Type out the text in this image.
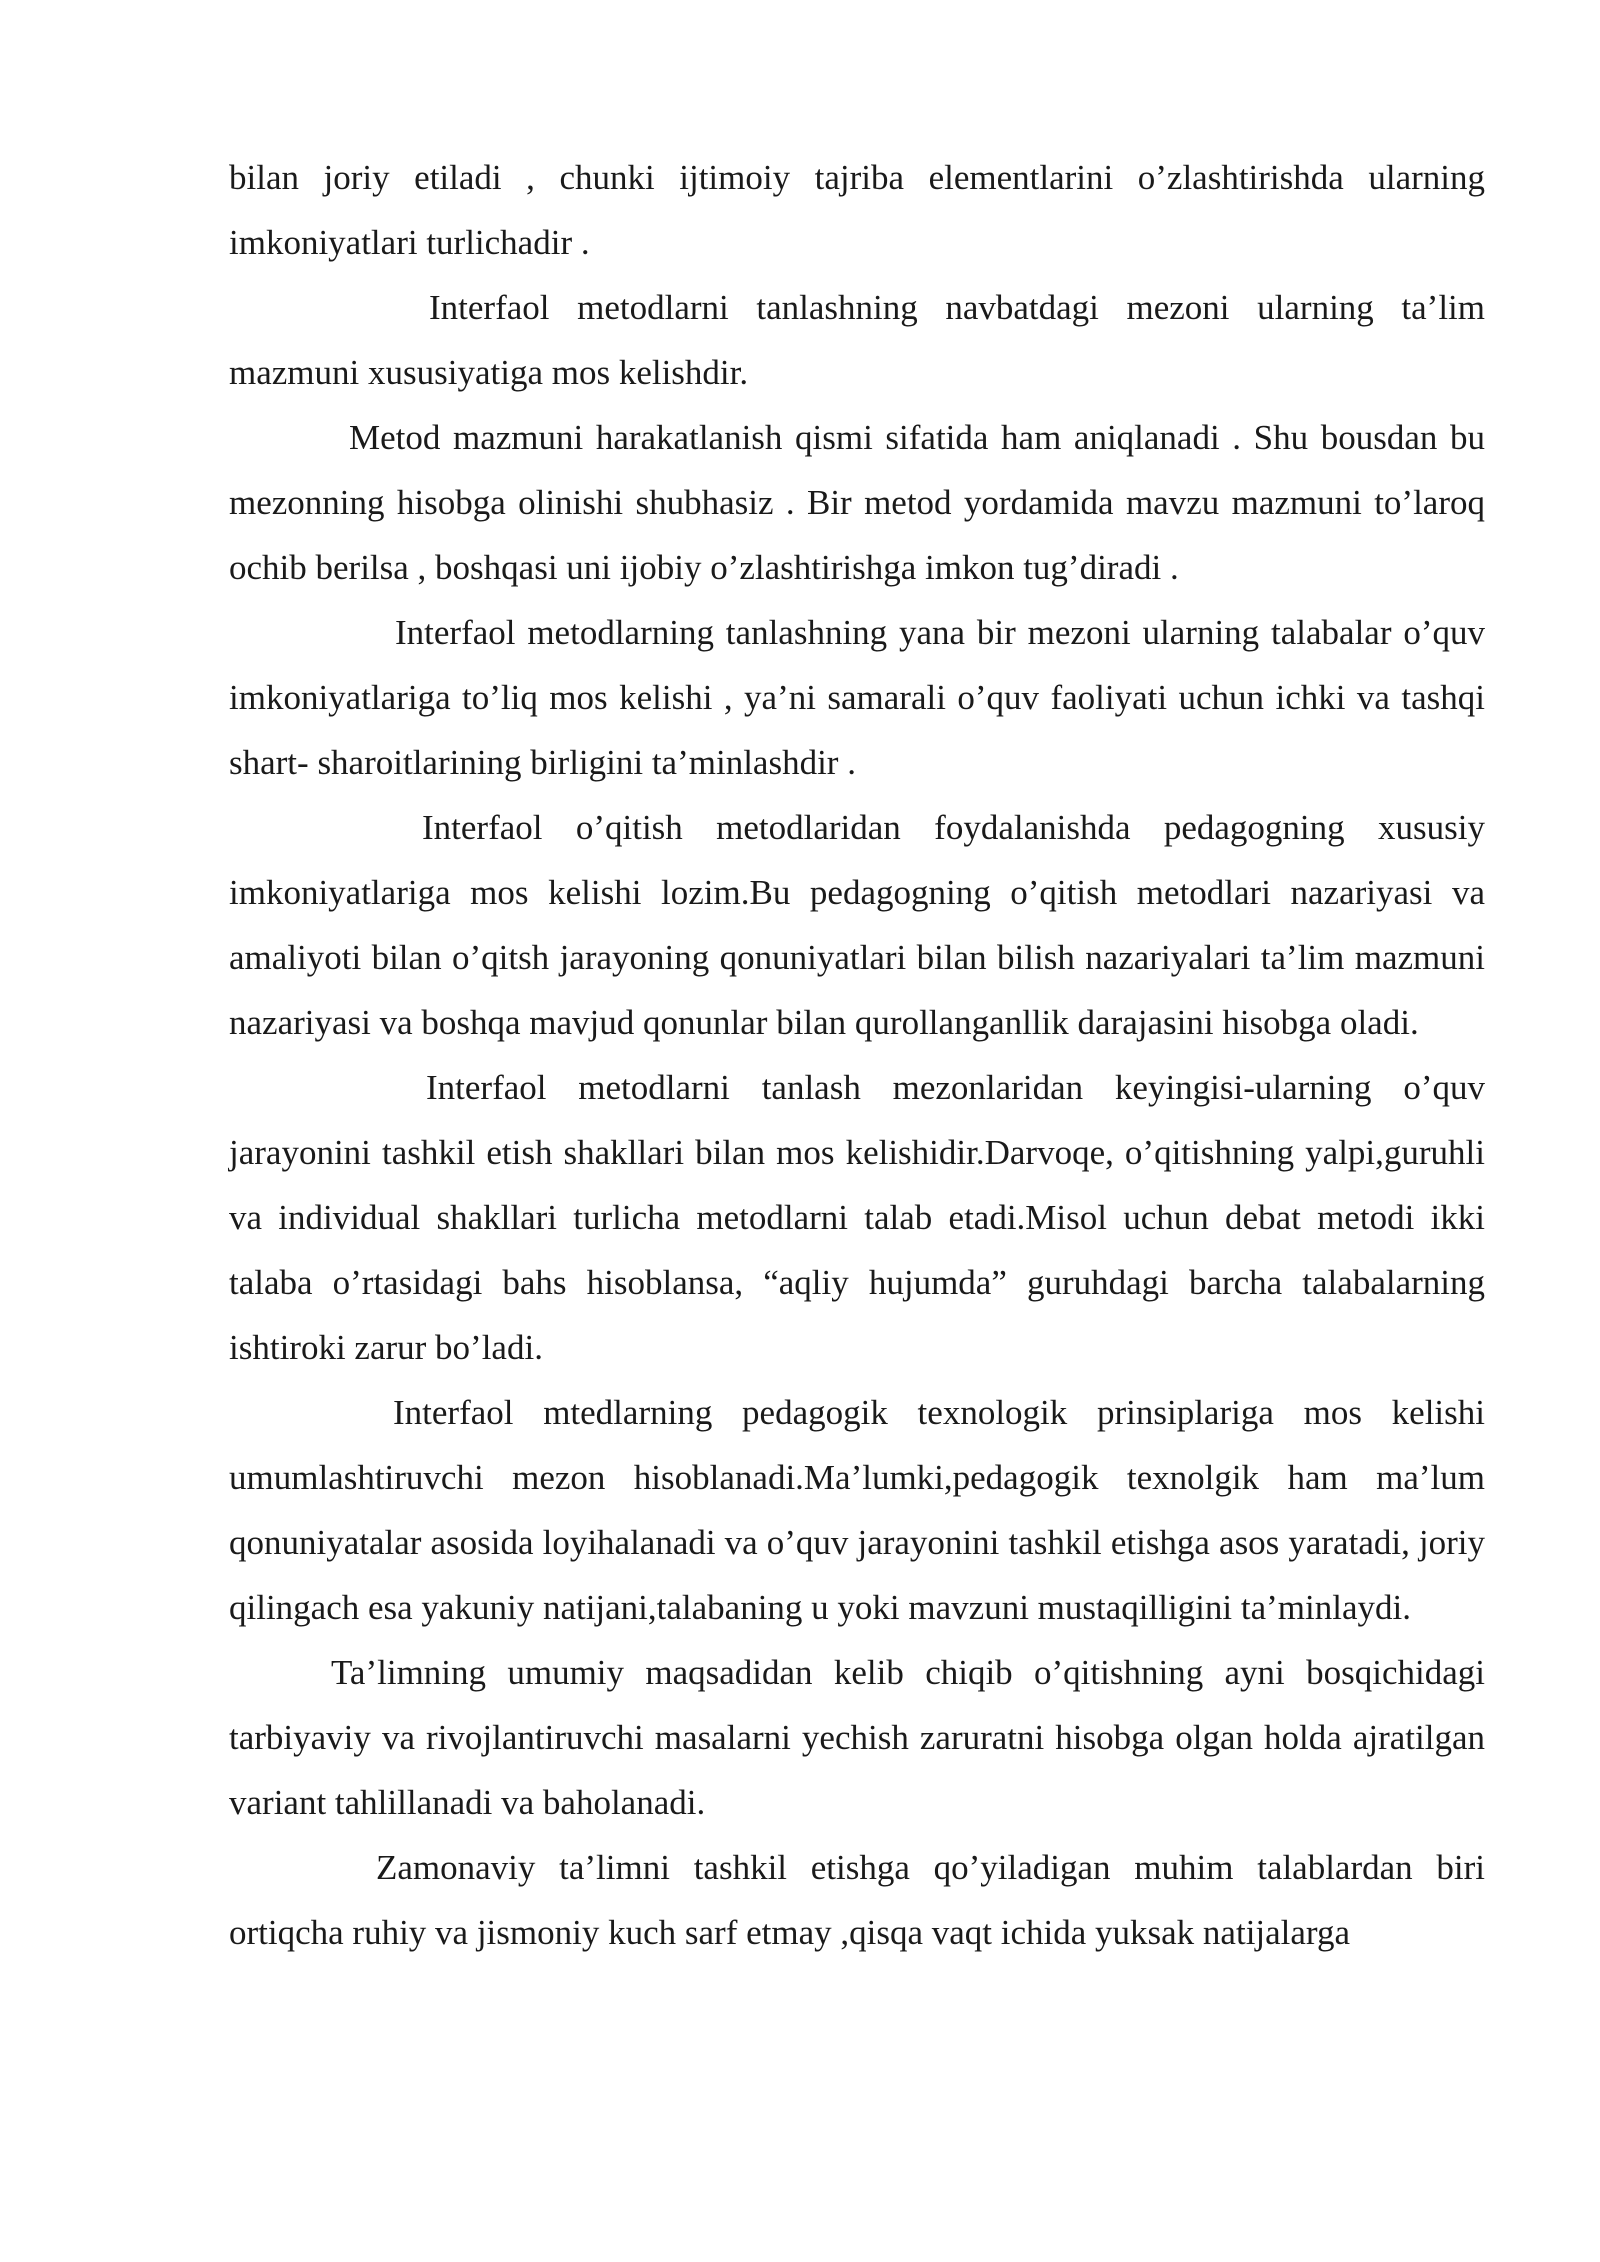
bilan joriy etiladi , chunki ijtimoiy tajriba elementlarini o’zlashtirishda ularning imkoniyatlari turlichadir .

Interfaol metodlarni tanlashning navbatdagi mezoni ularning ta’lim mazmuni xususiyatiga mos kelishdir.

Metod mazmuni harakatlanish qismi sifatida ham aniqlanadi . Shu bousdan bu mezonning hisobga olinishi shubhasiz . Bir metod yordamida mavzu mazmuni to’laroq ochib berilsa , boshqasi uni ijobiy o’zlashtirishga imkon tug’diradi .

Interfaol metodlarning tanlashning yana bir mezoni ularning talabalar o’quv imkoniyatlariga to’liq mos kelishi , ya’ni samarali o’quv faoliyati uchun ichki va tashqi shart- sharoitlarining birligini ta’minlashdir .

Interfaol o’qitish metodlaridan foydalanishda pedagogning xususiy imkoniyatlariga mos kelishi lozim.Bu pedagogning o’qitish metodlari nazariyasi va amaliyoti bilan o’qitsh jarayoning qonuniyatlari bilan bilish nazariyalari ta’lim mazmuni nazariyasi va boshqa mavjud qonunlar bilan qurollanganllik darajasini hisobga oladi.

Interfaol metodlarni tanlash mezonlaridan keyingisi-ularning o’quv jarayonini tashkil etish shakllari bilan mos kelishidir.Darvoqe, o’qitishning yalpi,guruhli va individual shakllari turlicha metodlarni talab etadi.Misol uchun debat metodi ikki talaba o’rtasidagi bahs hisoblansa, “aqliy hujumda” guruhdagi barcha talabalarning ishtiroki zarur bo’ladi.

Interfaol mtedlarning pedagogik texnologik prinsiplariga mos kelishi umumlashtiruvchi mezon hisoblanadi.Ma’lumki,pedagogik texnolgik ham ma’lum qonuniyatalar asosida loyihalanadi va o’quv jarayonini tashkil etishga asos yaratadi, joriy qilingach esa yakuniy natijani,talabaning u yoki mavzuni mustaqilligini ta’minlaydi.

Ta’limning umumiy maqsadidan kelib chiqib o’qitishning ayni bosqichidagi tarbiyaviy va rivojlantiruvchi masalarni yechish zaruratni hisobga olgan holda ajratilgan variant tahlillanadi va baholanadi.

Zamonaviy ta’limni tashkil etishga qo’yiladigan muhim talablardan biri ortiqcha ruhiy va jismoniy kuch sarf etmay ,qisqa vaqt ichida yuksak natijalarga
